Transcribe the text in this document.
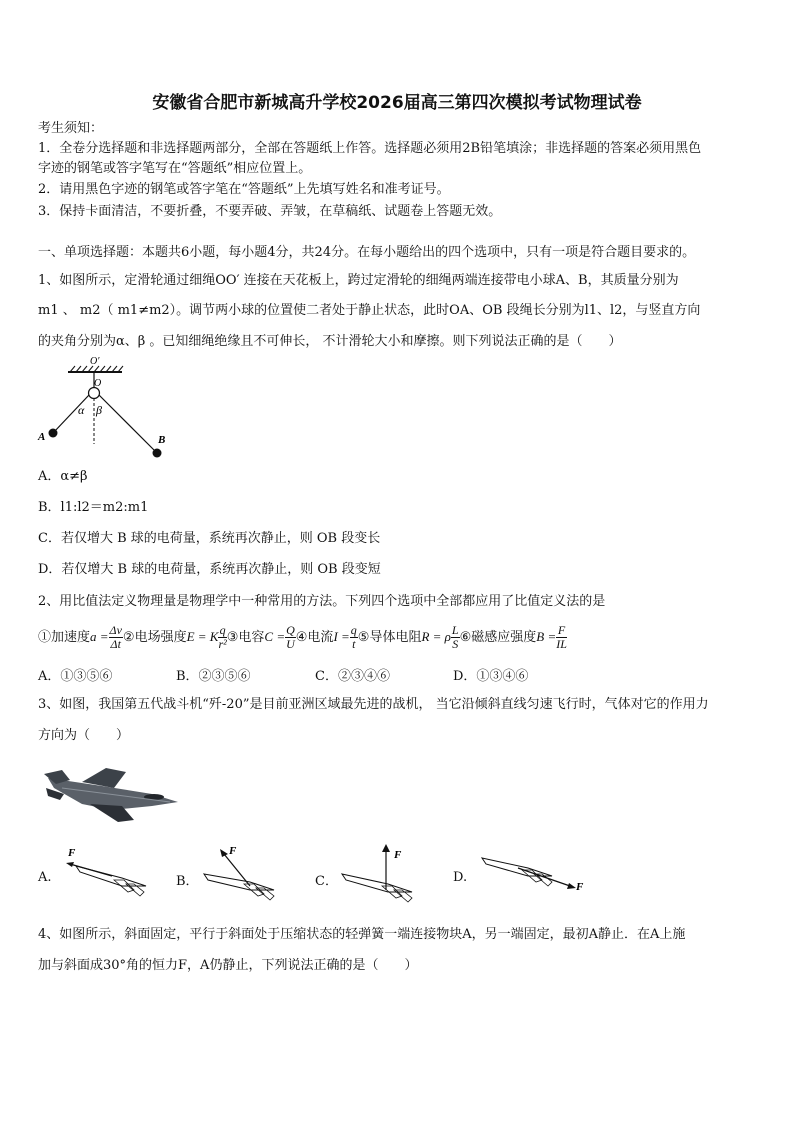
安徽省合肥市新城高升学校2026届高三第四次模拟考试物理试卷
考生须知：
1．全卷分选择题和非选择题两部分，全部在答题纸上作答。选择题必须用2B铅笔填涂；非选择题的答案必须用黑色
字迹的钢笔或答字笔写在“答题纸”相应位置上。
2．请用黑色字迹的钢笔或答字笔在“答题纸”上先填写姓名和准考证号。
3．保持卡面清洁，不要折叠，不要弄破、弄皱，在草稿纸、试题卷上答题无效。
一、单项选择题：本题共6小题，每小题4分，共24分。在每小题给出的四个选项中，只有一项是符合题目要求的。
1、如图所示，定滑轮通过细绳OO′ 连接在天花板上，跨过定滑轮的细绳两端连接带电小球A、B，其质量分别为
m1 、 m2（ m1≠m2）。调节两小球的位置使二者处于静止状态，此时OA、OB 段绳长分别为l1、l2，与竖直方向
的夹角分别为α、β 。已知细绳绝缘且不可伸长， 不计滑轮大小和摩擦。则下列说法正确的是（　　）
O′
O
α β
A	B
A．α≠β
B．l1:l2＝m2:m1
C．若仅增大 B 球的电荷量，系统再次静止，则 OB 段变长
D．若仅增大 B 球的电荷量，系统再次静止，则 OB 段变短
2、用比值法定义物理量是物理学中一种常用的方法。下列四个选项中全部都应用了比值定义法的是
①加速度$a = \frac{\Delta v}{\Delta t}$ ②电场强度E = K $\frac{q}{\text{r²}}$ ③电容$C = \frac{Q}{U}$ ④电流$I = \frac{q}{t}$ ⑤导体电阻R = ρ $\frac{L}{S}$ ⑥磁感应强度$B = \frac{F}{IL}$
A．①③⑤⑥	B．②③⑤⑥	C．②③④⑥	D．①③④⑥
3、如图，我国第五代战斗机“歼-20”是目前亚洲区域最先进的战机， 当它沿倾斜直线匀速飞行时，气体对它的作用力
方向为（　　）
A.
F
B．
F
C．
F
D.
F
4、如图所示，斜面固定，平行于斜面处于压缩状态的轻弹簧一端连接物块A，另一端固定，最初A静止．在A上施
加与斜面成30°角的恒力F，A仍静止，下列说法正确的是（　　）
